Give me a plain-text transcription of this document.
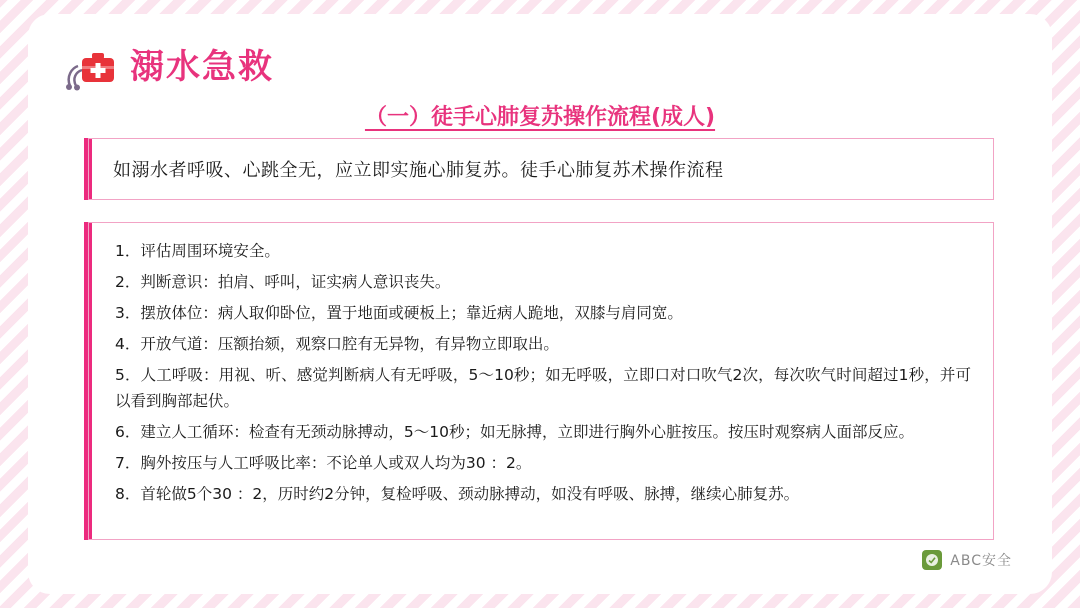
溺水急救
（一）徒手心肺复苏操作流程(成人)
如溺水者呼吸、心跳全无，应立即实施心肺复苏。徒手心肺复苏术操作流程
1．评估周围环境安全。
2．判断意识：拍肩、呼叫，证实病人意识丧失。
3．摆放体位：病人取仰卧位，置于地面或硬板上；靠近病人跪地，双膝与肩同宽。
4．开放气道：压额抬颏，观察口腔有无异物，有异物立即取出。
5．人工呼吸：用视、听、感觉判断病人有无呼吸，5～10秒；如无呼吸，立即口对口吹气2次，每次吹气时间超过1秒，并可以看到胸部起伏。
6．建立人工循环：检查有无颈动脉搏动，5～10秒；如无脉搏，立即进行胸外心脏按压。按压时观察病人面部反应。
7．胸外按压与人工呼吸比率：不论单人或双人均为30 ：2。
8．首轮做5个30 ：2，历时约2分钟，复检呼吸、颈动脉搏动，如没有呼吸、脉搏，继续心肺复苏。
ABC安全
